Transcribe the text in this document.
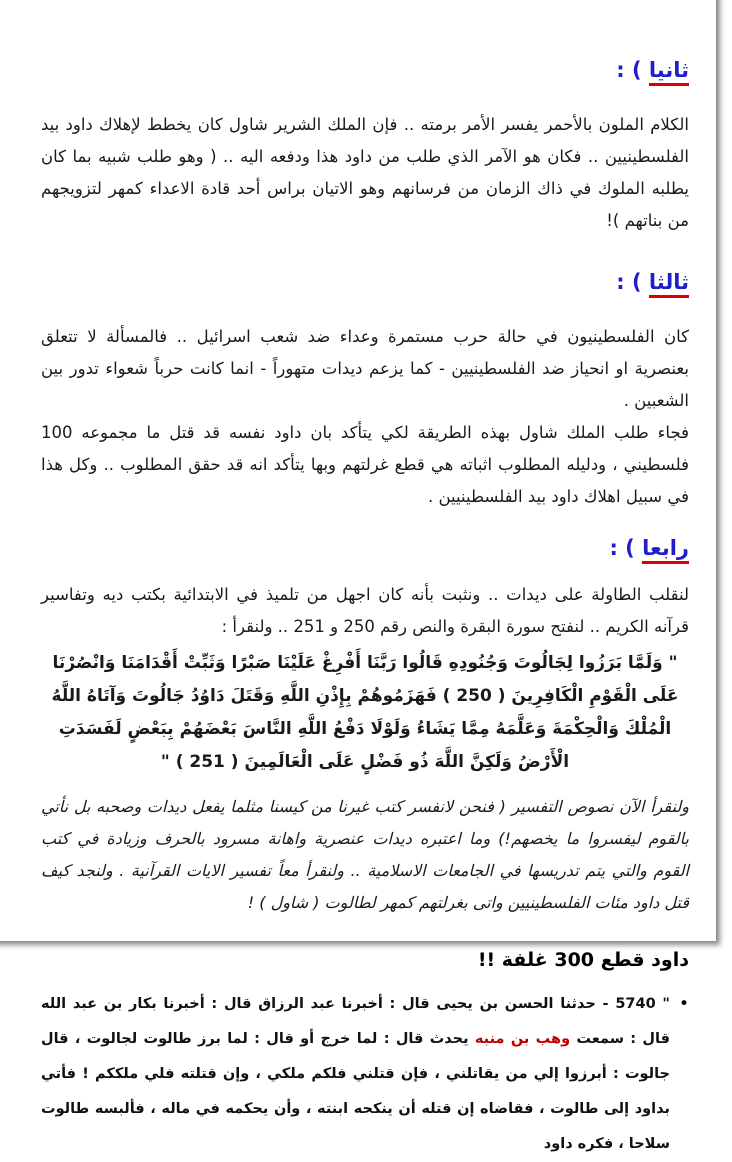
ثانيا ) :

الكلام الملون بالأحمر يفسر الأمر برمته .. فإن الملك الشرير شاول كان يخطط لإهلاك داود بيد الفلسطينيين .. فكان هو الآمر الذي طلب من داود هذا ودفعه اليه .. ( وهو طلب شبيه بما كان يطلبه الملوك في ذاك الزمان من فرسانهم وهو الاتيان براس أحد قادة الاعداء كمهر لتزويجهم من بناتهم )!

ثالثا ) :

كان الفلسطينيون في حالة حرب مستمرة وعداء ضد شعب اسرائيل .. فالمسألة لا تتعلق بعنصرية او انحياز ضد الفلسطينيين - كما يزعم ديدات متهوراً - انما كانت حرباً شعواء تدور بين الشعبين .

فجاء طلب الملك شاول بهذه الطريقة لكي يتأكد بان داود نفسه قد قتل ما مجموعه 100 فلسطيني ، ودليله المطلوب اثباته هي قطع غرلتهم وبها يتأكد انه قد حقق المطلوب .. وكل هذا في سبيل اهلاك داود بيد الفلسطينيين .

رابعا ) :

لنقلب الطاولة على ديدات .. ونثبت بأنه كان اجهل من تلميذ في الابتدائية بكتب ديه وتفاسير قرآنه الكريم .. لنفتح سورة البقرة والنص رقم 250 و 251 .. ولنقرأ :

" وَلَمَّا بَرَزُوا لِجَالُوتَ وَجُنُودِهِ قَالُوا رَبَّنَا أَفْرِغْ عَلَيْنَا صَبْرًا وَثَبِّتْ أَقْدَامَنَا وَانْصُرْنَا عَلَى الْقَوْمِ الْكَافِرِينَ ( 250 ) فَهَزَمُوهُمْ بِإِذْنِ اللَّهِ وَقَتَلَ دَاوُدُ جَالُوتَ وَآتَاهُ اللَّهُ الْمُلْكَ وَالْحِكْمَةَ وَعَلَّمَهُ مِمَّا يَشَاءُ وَلَوْلَا دَفْعُ اللَّهِ النَّاسَ بَعْضَهُمْ بِبَعْضٍ لَفَسَدَتِ الْأَرْضُ وَلَكِنَّ اللَّهَ ذُو فَضْلٍ عَلَى الْعَالَمِينَ ( 251 ) "

ولنقرأ الآن نصوص التفسير ( فنحن لانفسر كتب غيرنا من كيسنا مثلما يفعل ديدات وصحبه بل نأتي بالقوم ليفسروا ما يخصهم!) وما اعتبره ديدات عنصرية واهانة مسرود بالحرف وزيادة في كتب القوم والتي يتم تدريسها في الجامعات الاسلامية .. ولنقرأ معاً تفسير الايات القرآنية . ولنجد كيف قتل داود مئات الفلسطينيين واتى بغرلتهم كمهر لطالوت ( شاول ) !

داود قطع 300 غلفة !!
•

" 5740 - حدثنا الحسن بن يحيى قال : أخبرنا عبد الرزاق قال : أخبرنا بكار بن عبد الله قال : سمعت وهب بن منبه يحدث قال : لما خرج أو قال : لما برز طالوت لجالوت ، قال جالوت : أبرزوا إلي من يقاتلني ، فإن قتلني فلكم ملكي ، وإن قتلته فلي ملككم ! فأتي بداود إلى طالوت ، فقاضاه إن قتله أن ينكحه ابنته ، وأن يحكمه في ماله ، فألبسه طالوت سلاحا ، فكره داود
